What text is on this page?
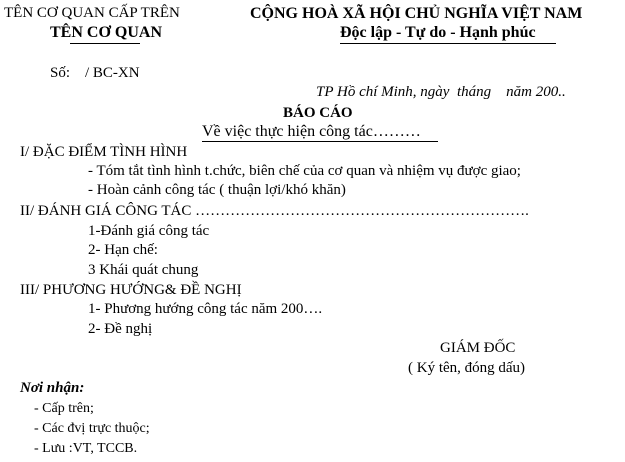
TÊN CƠ QUAN CẤP TRÊN
TÊN CƠ QUAN
CỘNG HOÀ XÃ HỘI CHỦ NGHĨA VIỆT NAM
Độc lập - Tự do - Hạnh phúc
Số:    / BC-XN
TP Hồ chí Minh, ngày  tháng    năm 200..
BÁO CÁO
Về việc thực hiện công tác………
I/ ĐẶC ĐIỂM TÌNH HÌNH
- Tóm tắt tình hình t.chức, biên chế của cơ quan và nhiệm vụ được giao;
- Hoàn cảnh công tác ( thuận lợi/khó khăn)
II/ ĐÁNH GIÁ CÔNG TÁC ………………………………………………………….
1-Đánh giá công tác
2- Hạn chế:
3 Khái quát chung
III/ PHƯƠNG HƯỚNG& ĐỀ NGHỊ
1- Phương hướng công tác năm 200….
2- Đề nghị
GIÁM ĐỐC
( Ký tên, đóng dấu)
Nơi nhận:
- Cấp trên;
- Các đvị trực thuộc;
- Lưu :VT, TCCB.
